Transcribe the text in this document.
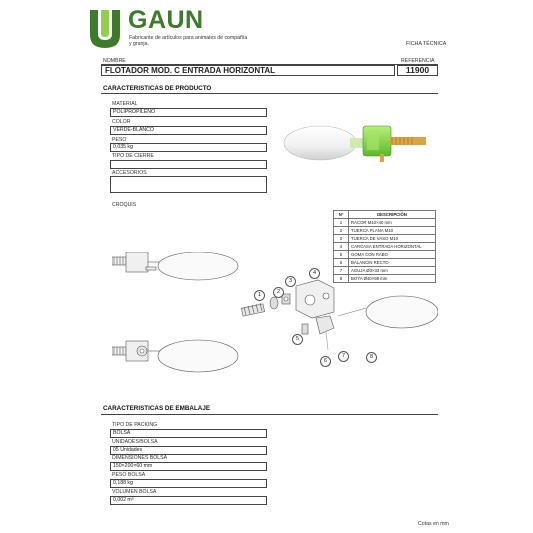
GAUN
Fabricante de artículos para animales de compañía y granja.	FICHA TÉCNICA
NOMBRE	REFERENCIA
FLOTADOR MOD. C ENTRADA HORIZONTAL	11900
CARACTERISTICAS DE PRODUCTO
MATERIAL
POLIPROPILENO
COLOR
VERDE-BLANCO
PESO
0,035 kg
TIPO DE CIERRE
ACCESORIOS
CROQUIS
1	2
3
4
5
6
7	8
Nº	DESCRIPCIÓN
1	RACOR M10×40 mm
2	TUERCA PLANA M10
3	TUERCA DE VASO M10
4	CARCASA ENTRADA HORIZONTAL
5	GOMA CON RABO
6	BALANCÍN RECTO
7	AGUJA Ø3×33 mm
8	BOYA Ø40×98 mm
CARACTERISTICAS DE EMBALAJE
TIPO DE PACKING
BOLSA
UNIDADES/BOLSA
05 Unidades
DIMENSIONES BOLSA
150×200×60 mm
PESO BOLSA
0,188 kg
VOLUMEN BOLSA
0,002 m³
Cotas en mm
